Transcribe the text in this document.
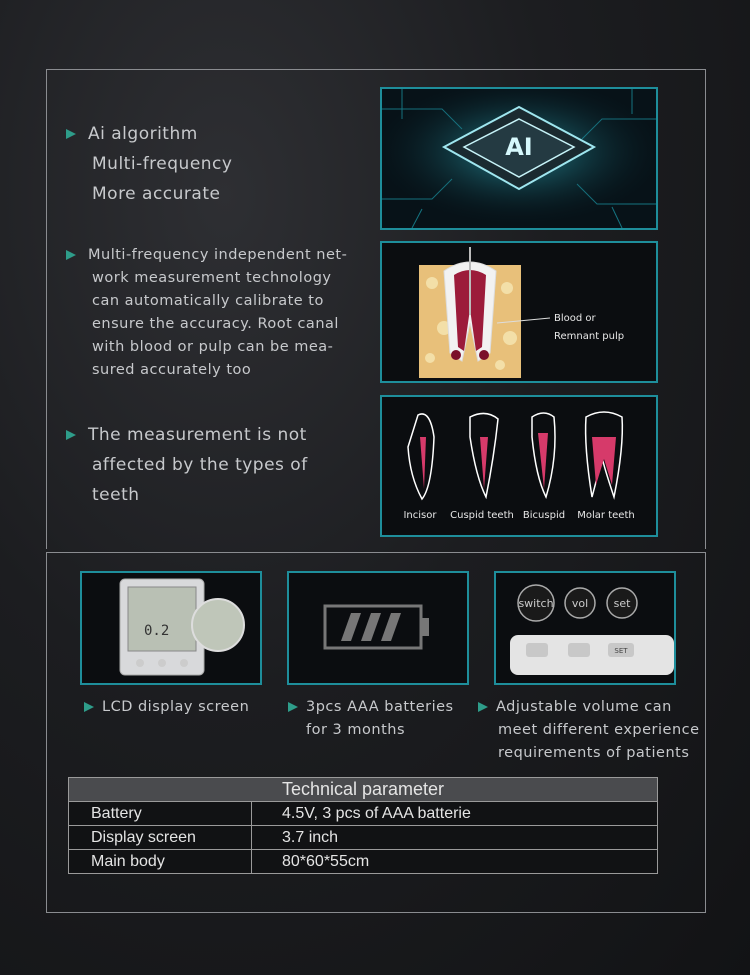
Ai algorithm
Multi-frequency
More accurate
AI
Multi-frequency independent net-
work measurement technology
can automatically calibrate to
ensure the accuracy. Root canal
with blood or pulp can be mea-
sured accurately too
Blood or
Remnant pulp
The measurement is not
affected by the types of
teeth
Incisor Cuspid teeth Bicuspid Molar teeth
0.2
switch vol set
SET
LCD display screen	3pcs AAA batteries
for 3 months
Adjustable volume can
meet different experience
requirements of patients
Technical parameter	
Battery	4.5V, 3 pcs of AAA batterie
Display screen	3.7 inch
Main body	80*60*55cm
